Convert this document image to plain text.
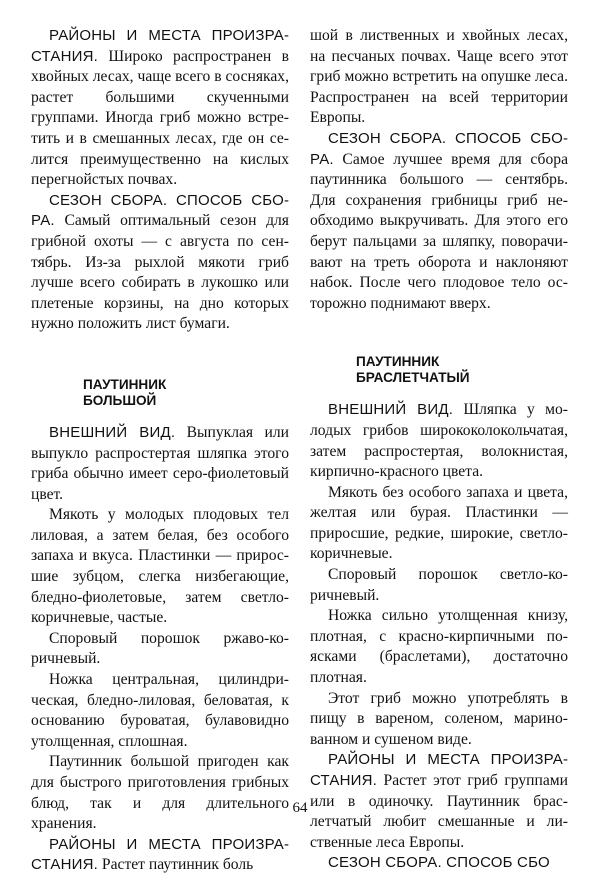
РАЙОНЫ И МЕСТА ПРОИЗРАСТАНИЯ. Широко распространен в хвойных лесах, чаще всего в сосняках, растет большими скученными группами. Иногда гриб можно встретить и в смешанных лесах, где он селится преимущественно на кислых перегнойстых почвах.

СЕЗОН СБОРА. СПОСОБ СБОРА. Самый оптимальный сезон для грибной охоты — с августа по сентябрь. Из-за рыхлой мякоти гриб лучше всего собирать в лукошко или плетеные корзины, на дно которых нужно положить лист бумаги.

ПАУТИННИК
БОЛЬШОЙ

ВНЕШНИЙ ВИД. Выпуклая или выпукло распростертая шляпка этого гриба обычно имеет серо-фиолетовый цвет.

Мякоть у молодых плодовых тел лиловая, а затем белая, без особого запаха и вкуса. Пластинки — приросшие зубцом, слегка низбегающие, бледно-фиолетовые, затем светлокоричневые, частые.

Споровый порошок ржаво-коричневый.

Ножка центральная, цилиндрическая, бледно-лиловая, беловатая, к основанию буроватая, булавовидно утолщенная, сплошная.

Паутинник большой пригоден как для быстрого приготовления грибных блюд, так и для длительного хранения.

РАЙОНЫ И МЕСТА ПРОИЗРАСТАНИЯ. Растет паутинник боль

шой в лиственных и хвойных лесах, на песчаных почвах. Чаще всего этот гриб можно встретить на опушке леса. Распространен на всей территории Европы.

СЕЗОН СБОРА. СПОСОБ СБОРА. Самое лучшее время для сбора паутинника большого — сентябрь. Для сохранения грибницы гриб необходимо выкручивать. Для этого его берут пальцами за шляпку, поворачивают на треть оборота и наклоняют набок. После чего плодовое тело осторожно поднимают вверх.

ПАУТИННИК
БРАСЛЕТЧАТЫЙ

ВНЕШНИЙ ВИД. Шляпка у молодых грибов ширококолокольчатая, затем распростертая, волокнистая, кирпично-красного цвета.

Мякоть без особого запаха и цвета, желтая или бурая. Пластинки — приросшие, редкие, широкие, светло-коричневые.

Споровый порошок светло-коричневый.

Ножка сильно утолщенная книзу, плотная, с красно-кирпичными поясками (браслетами), достаточно плотная.

Этот гриб можно употреблять в пищу в вареном, соленом, маринованном и сушеном виде.

РАЙОНЫ И МЕСТА ПРОИЗРАСТАНИЯ. Растет этот гриб группами или в одиночку. Паутинник браслетчатый любит смешанные и лиственные леса Европы.

СЕЗОН СБОРА. СПОСОБ СБО

64
